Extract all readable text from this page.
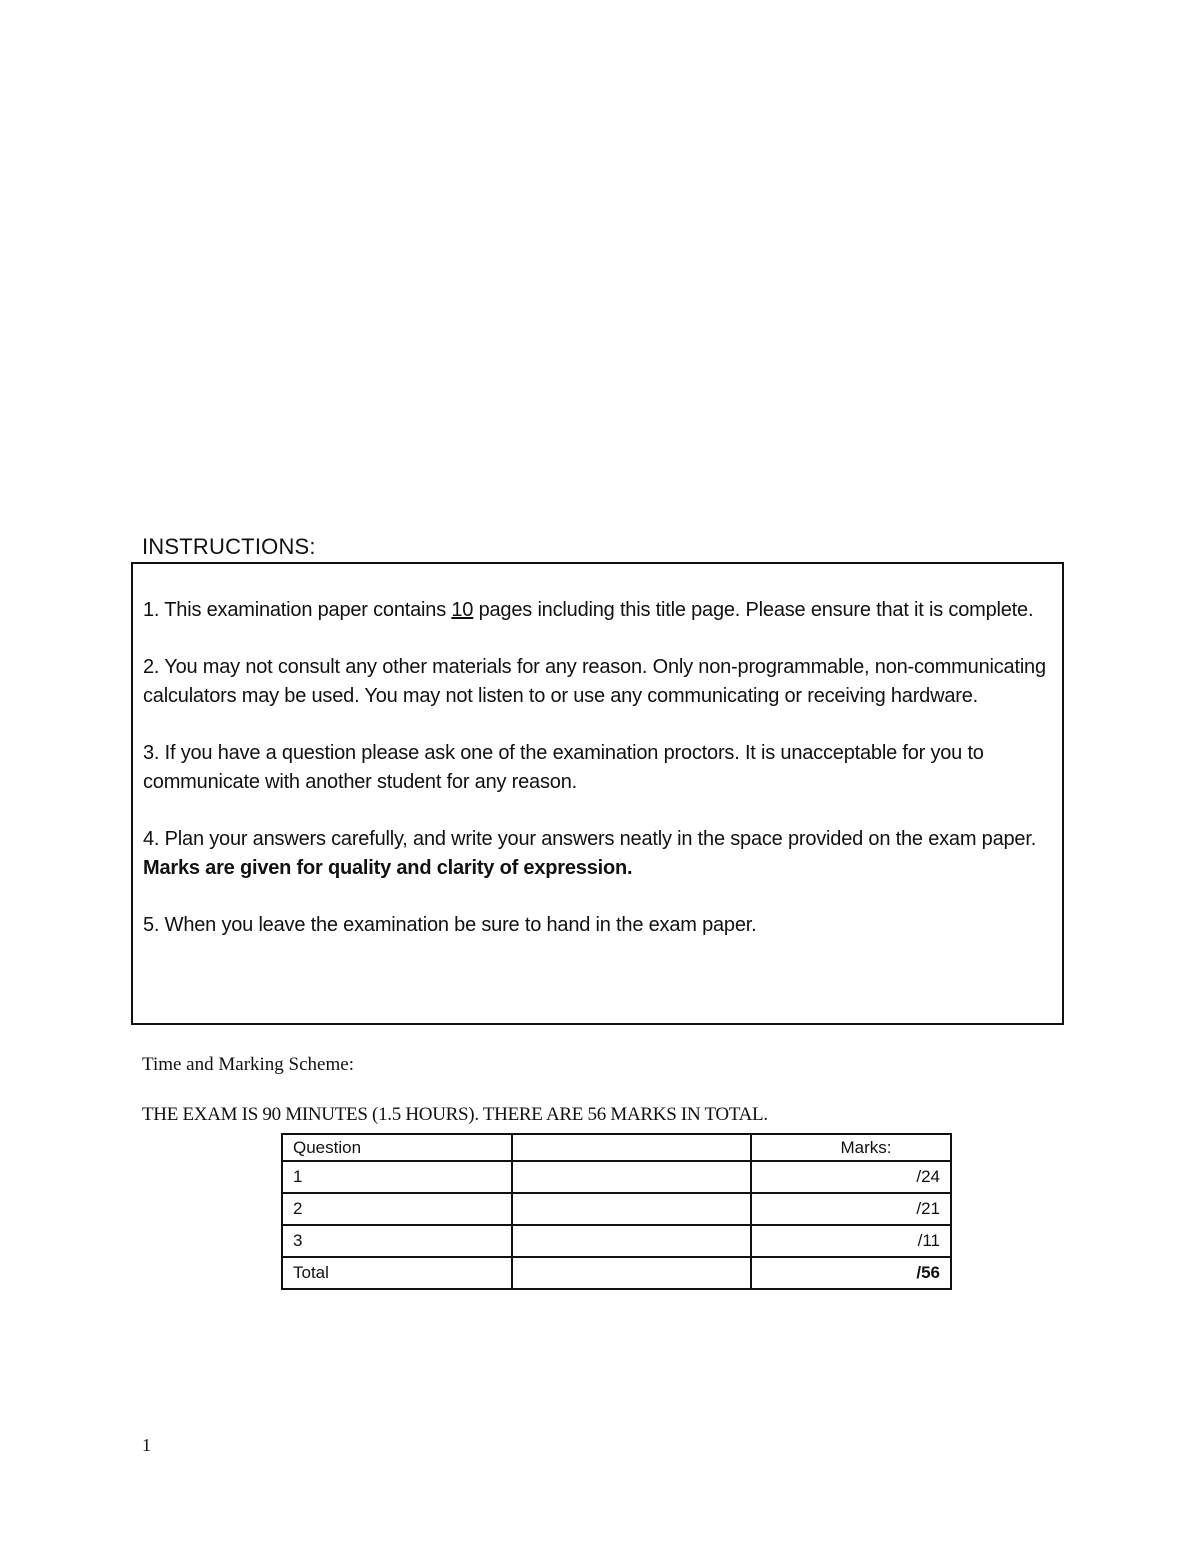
INSTRUCTIONS:

1. This examination paper contains 10 pages including this title page. Please ensure that it is complete.

2. You may not consult any other materials for any reason. Only non-programmable, non-communicating calculators may be used. You may not listen to or use any communicating or receiving hardware.

3. If you have a question please ask one of the examination proctors. It is unacceptable for you to communicate with another student for any reason.

4. Plan your answers carefully, and write your answers neatly in the space provided on the exam paper. Marks are given for quality and clarity of expression.

5. When you leave the examination be sure to hand in the exam paper.

Time and Marking Scheme:
THE EXAM IS 90 MINUTES (1.5 HOURS). THERE ARE 56 MARKS IN TOTAL.
Question		Marks:
1		/24
2		/21
3		/11
Total		/56
1
